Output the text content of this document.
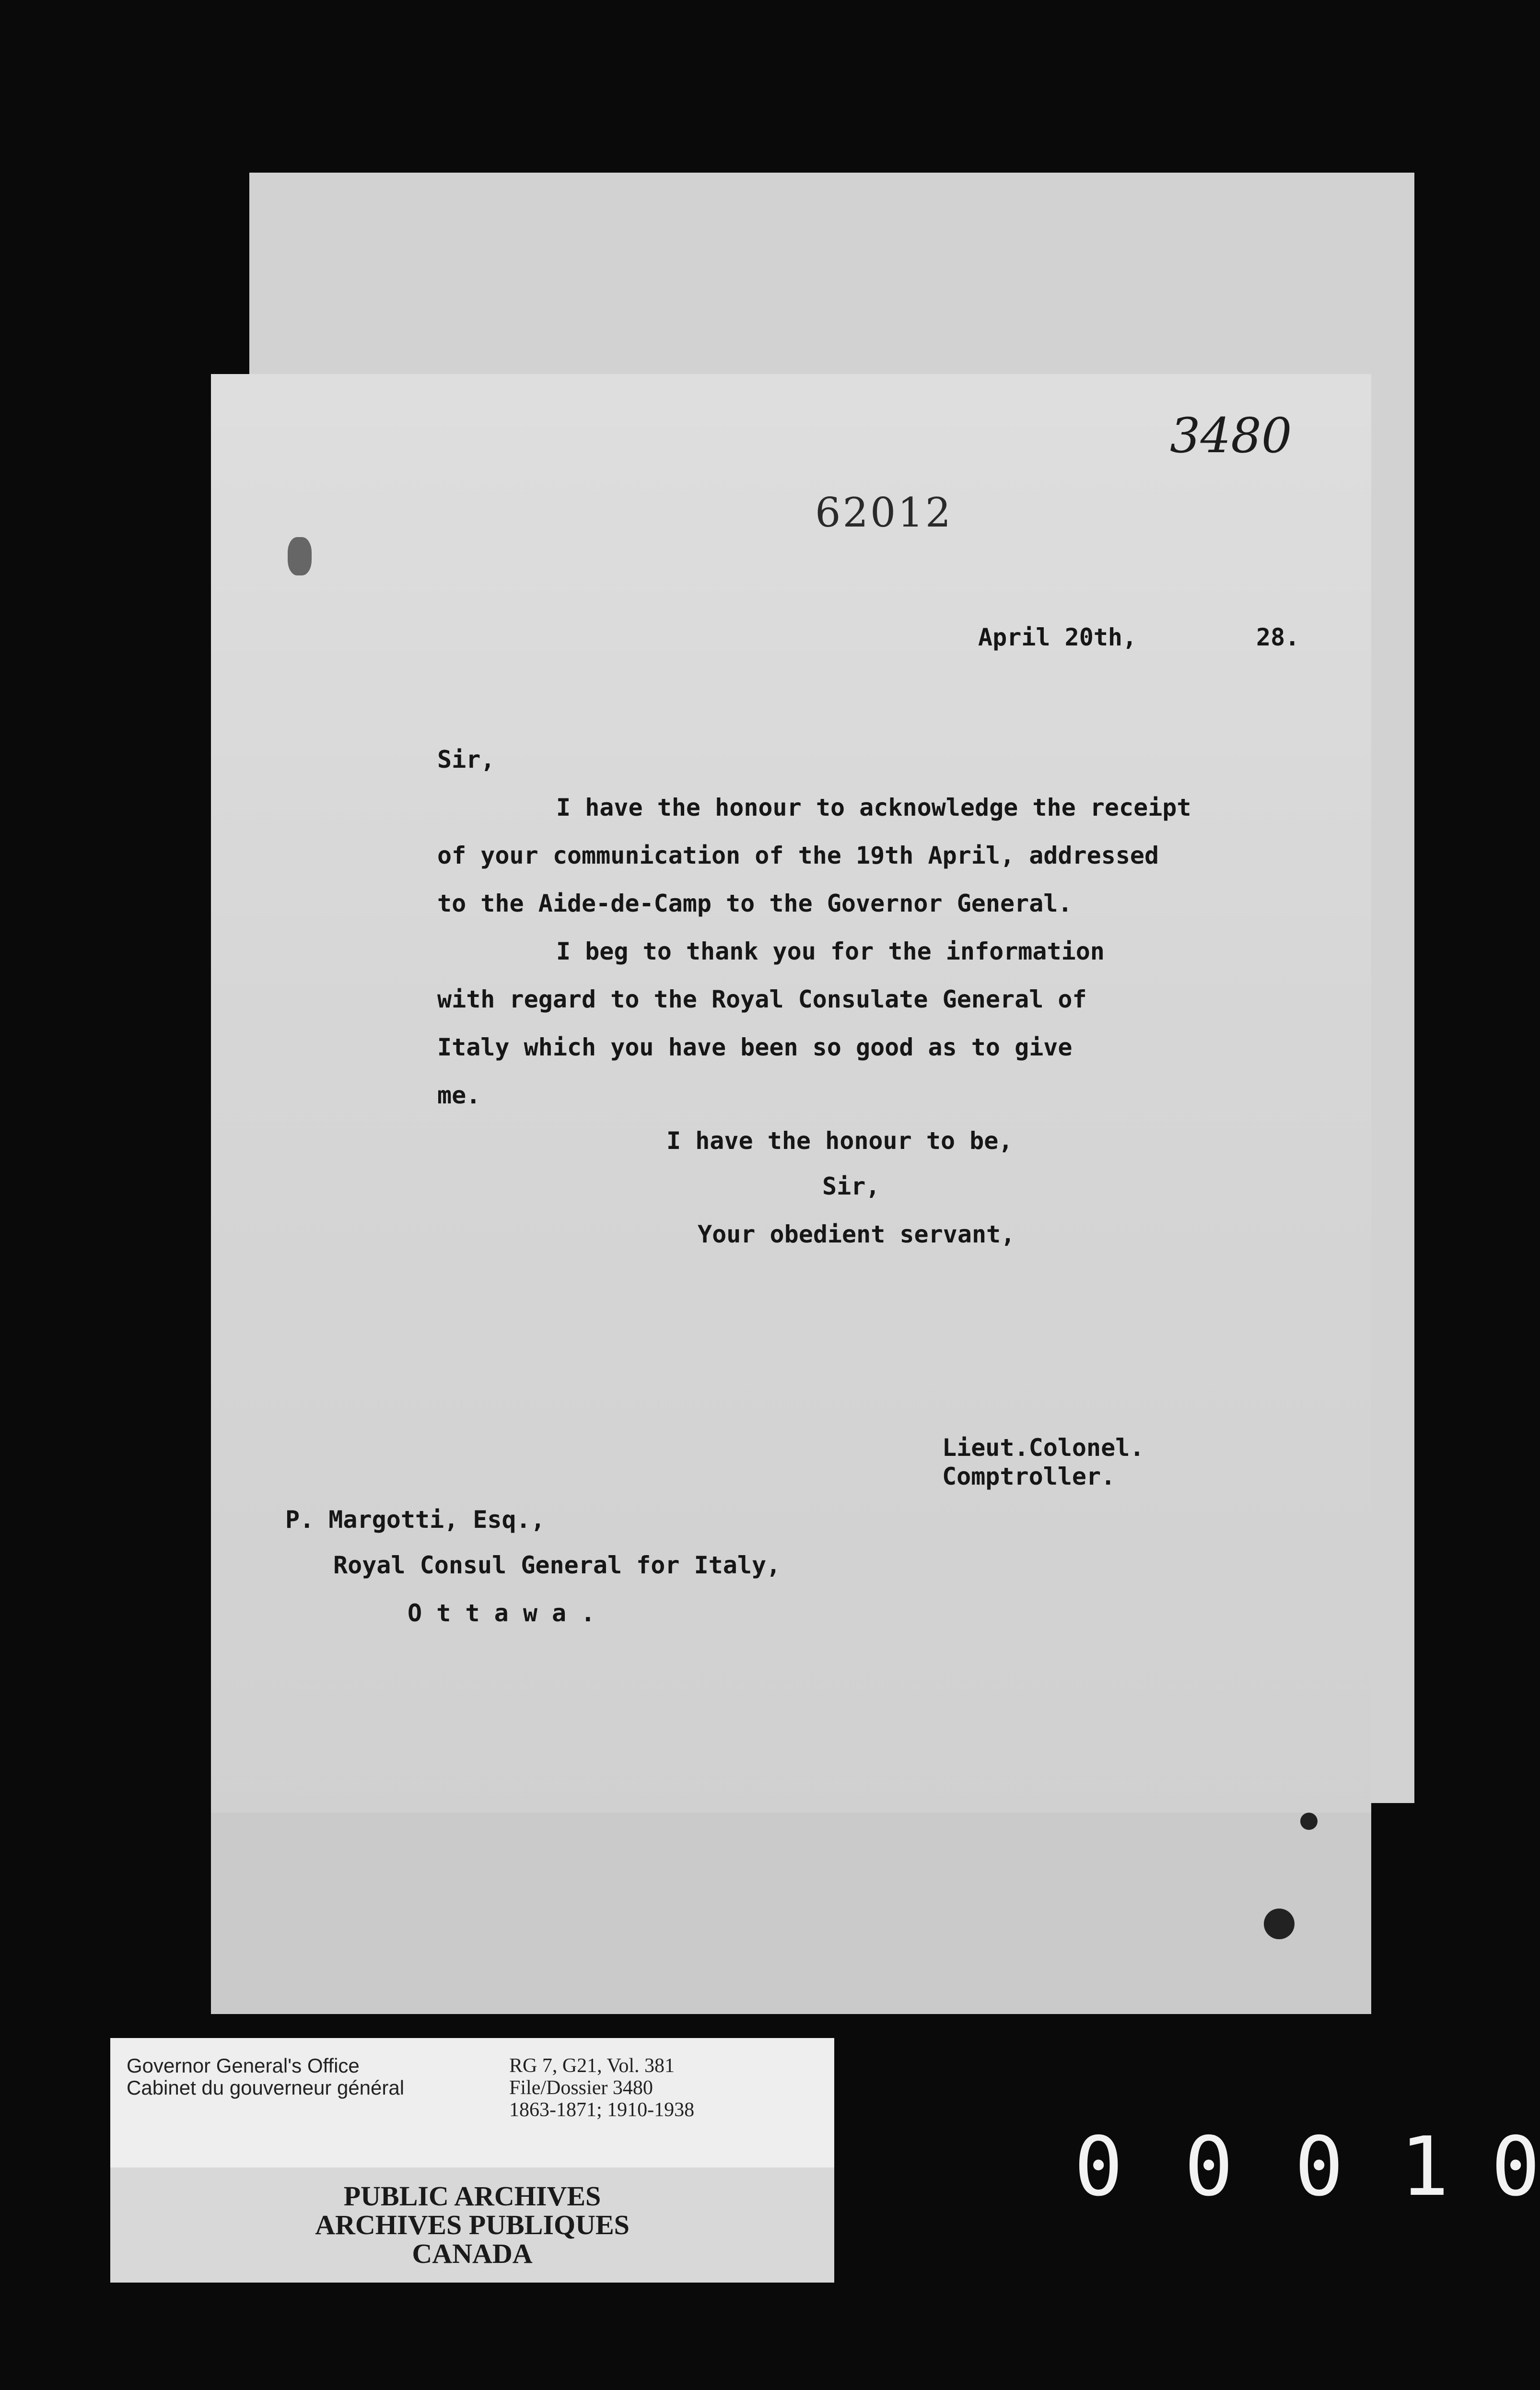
3480
62012
April 20th,	28.
Sir,
I have the honour to acknowledge the receipt
of your communication of the 19th April, addressed
to the Aide-de-Camp to the Governor General.
I beg to thank you for the information
with regard to the Royal Consulate General of
Italy which you have been so good as to give
me.
I have the honour to be,
Sir,
Your obedient servant,
Lieut.Colonel.
Comptroller.
P. Margotti, Esq.,
Royal Consul General for Italy,
O t t a w a .
Governor General's Office
Cabinet du gouverneur général
RG 7, G21, Vol. 381
File/Dossier 3480
1863-1871; 1910-1938
PUBLIC ARCHIVES
ARCHIVES PUBLIQUES
CANADA
0 0 0 1 0
